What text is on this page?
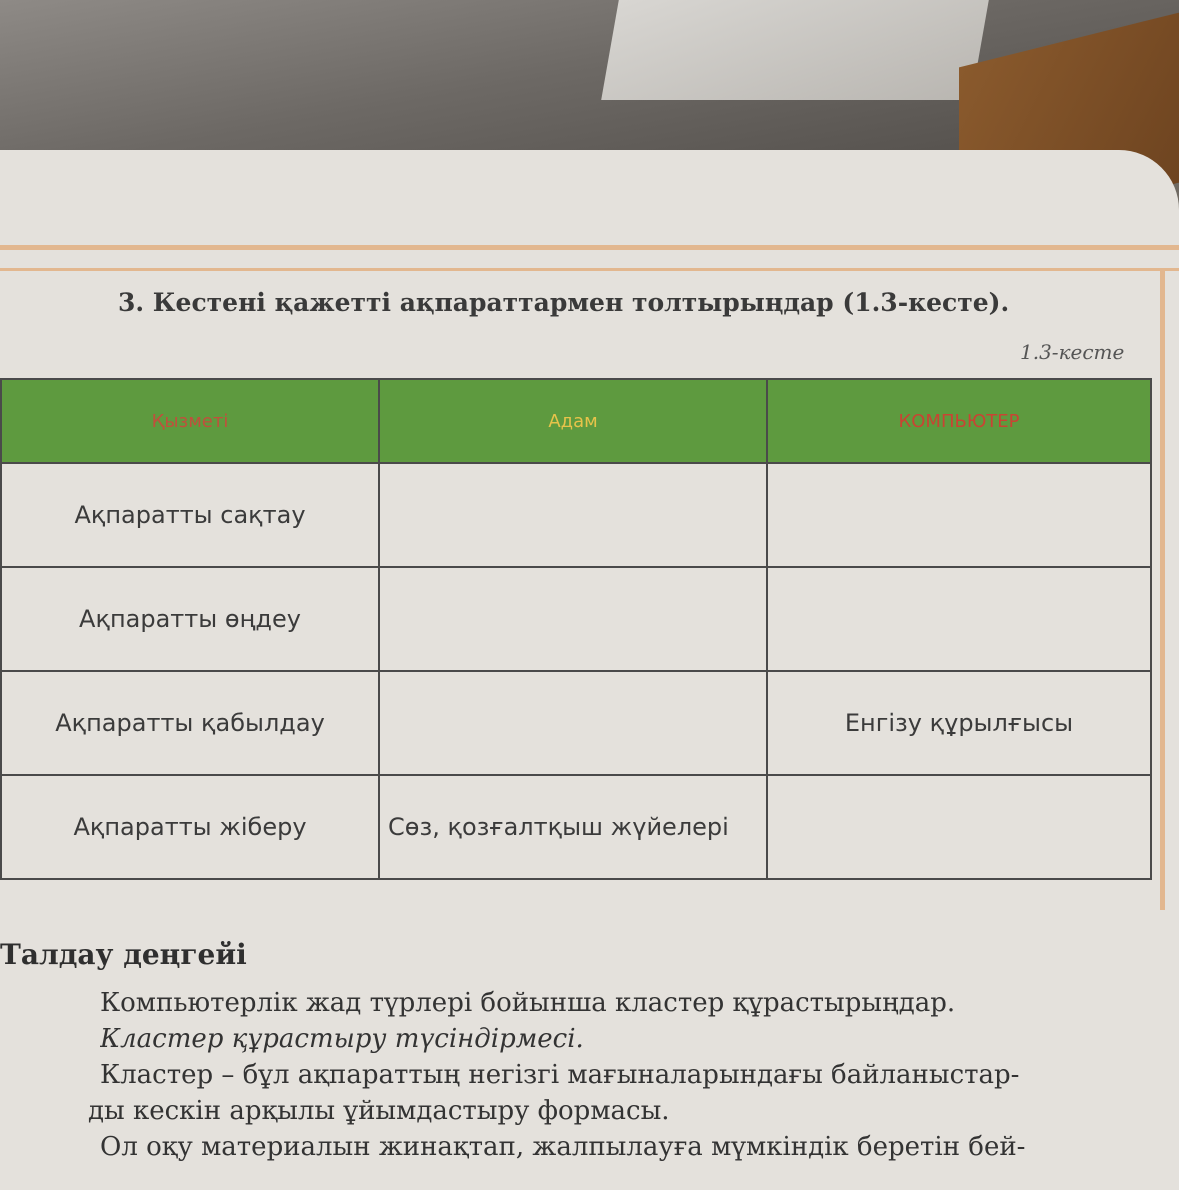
3. Кестені қажетті ақпараттармен толтырыңдар (1.3-кесте).

1.3-кесте

Қызметі	Адам	КОМПЬЮТЕР
Ақпаратты сақтау		
Ақпаратты өңдеу		
Ақпаратты қабылдау		Енгізу құрылғысы
Ақпаратты жіберу	Сөз, қозғалтқыш жүйелері	
Талдау деңгейі

Компьютерлік жад түрлері бойынша кластер құрастырыңдар.

Кластер құрастыру түсіндірмесі.

Кластер – бұл ақпараттың негізгі мағыналарындағы байланыстар-

ды кескін арқылы ұйымдастыру формасы.

Ол оқу материалын жинақтап, жалпылауға мүмкіндік беретін бей-
